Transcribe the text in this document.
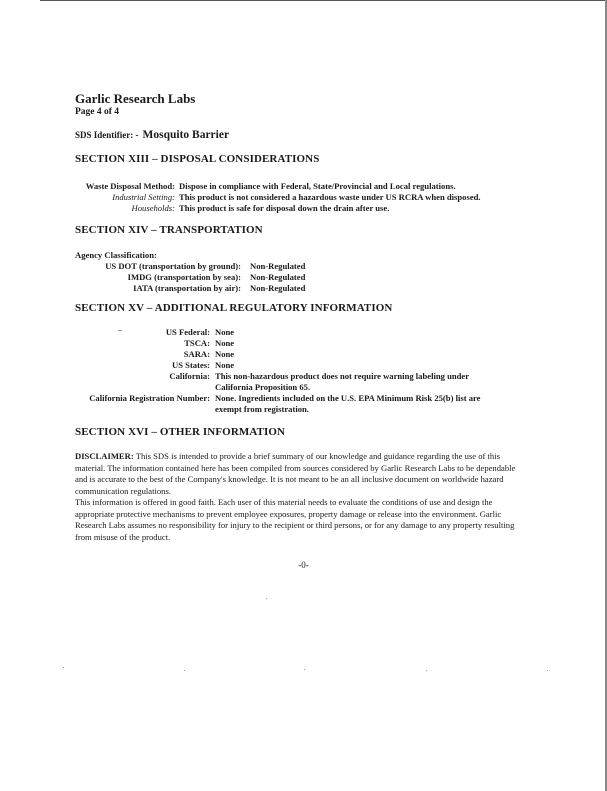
Garlic Research Labs
Page 4 of 4
SDS Identifier: - Mosquito Barrier
SECTION XIII – DISPOSAL CONSIDERATIONS
Waste Disposal Method: Dispose in compliance with Federal, State/Provincial and Local regulations.
Industrial Setting: This product is not considered a hazardous waste under US RCRA when disposed.
Households: This product is safe for disposal down the drain after use.
SECTION XIV – TRANSPORTATION
Agency Classification:
US DOT (transportation by ground): Non-Regulated
IMDG (transportation by sea): Non-Regulated
IATA (transportation by air): Non-Regulated
SECTION XV – ADDITIONAL REGULATORY INFORMATION
US Federal: None
TSCA: None
SARA: None
US States: None
California: This non-hazardous product does not require warning labeling under
California Proposition 65.
California Registration Number: None. Ingredients included on the U.S. EPA Minimum Risk 25(b) list are
exempt from registration.
SECTION XVI – OTHER INFORMATION

DISCLAIMER: This SDS is intended to provide a brief summary of our knowledge and guidance regarding the use of this material. The information contained here has been compiled from sources considered by Garlic Research Labs to be dependable and is accurate to the best of the Company's knowledge. It is not meant to be an all inclusive document on worldwide hazard communication regulations.

This information is offered in good faith. Each user of this material needs to evaluate the conditions of use and design the appropriate protective mechanisms to prevent employee exposures, property damage or release into the environment. Garlic Research Labs assumes no responsibility for injury to the recipient or third persons, or for any damage to any property resulting from misuse of the product.

-0-
